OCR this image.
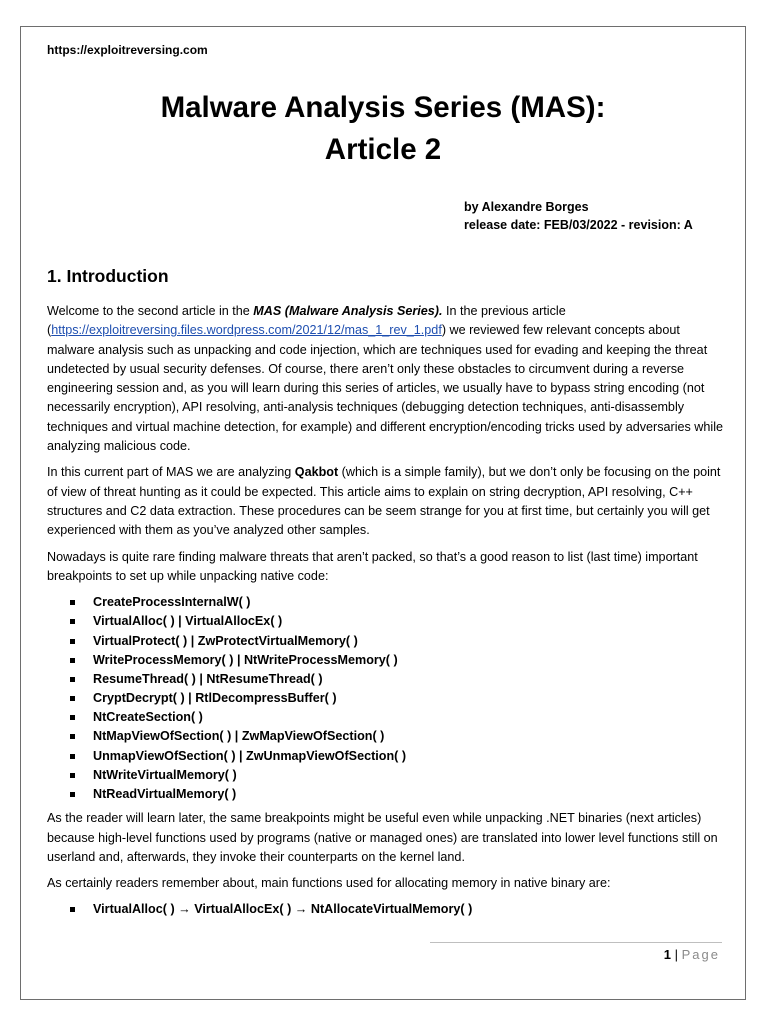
https://exploitreversing.com
Malware Analysis Series (MAS):
Article 2
by Alexandre Borges
release date: FEB/03/2022 - revision: A
1. Introduction

Welcome to the second article in the MAS (Malware Analysis Series). In the previous article (https://exploitreversing.files.wordpress.com/2021/12/mas_1_rev_1.pdf) we reviewed few relevant concepts about malware analysis such as unpacking and code injection, which are techniques used for evading and keeping the threat undetected by usual security defenses. Of course, there aren’t only these obstacles to circumvent during a reverse engineering session and, as you will learn during this series of articles, we usually have to bypass string encoding (not necessarily encryption), API resolving, anti-analysis techniques (debugging detection techniques, anti-disassembly techniques and virtual machine detection, for example) and different encryption/encoding tricks used by adversaries while analyzing malicious code.

In this current part of MAS we are analyzing Qakbot (which is a simple family), but we don’t only be focusing on the point of view of threat hunting as it could be expected. This article aims to explain on string decryption, API resolving, C++ structures and C2 data extraction. These procedures can be seem strange for you at first time, but certainly you will get experienced with them as you’ve analyzed other samples.

Nowadays is quite rare finding malware threats that aren’t packed, so that’s a good reason to list (last time) important breakpoints to set up while unpacking native code:

CreateProcessInternalW( )
VirtualAlloc( ) | VirtualAllocEx( )
VirtualProtect( ) | ZwProtectVirtualMemory( )
WriteProcessMemory( ) | NtWriteProcessMemory( )
ResumeThread( ) | NtResumeThread( )
CryptDecrypt( ) | RtlDecompressBuffer( )
NtCreateSection( )
NtMapViewOfSection( ) | ZwMapViewOfSection( )
UnmapViewOfSection( ) | ZwUnmapViewOfSection( )
NtWriteVirtualMemory( )
NtReadVirtualMemory( )

As the reader will learn later, the same breakpoints might be useful even while unpacking .NET binaries (next articles) because high-level functions used by programs (native or managed ones) are translated into lower level functions still on userland and, afterwards, they invoke their counterparts on the kernel land.

As certainly readers remember about, main functions used for allocating memory in native binary are:

VirtualAlloc( ) → VirtualAllocEx( ) → NtAllocateVirtualMemory( )
1 | Page
